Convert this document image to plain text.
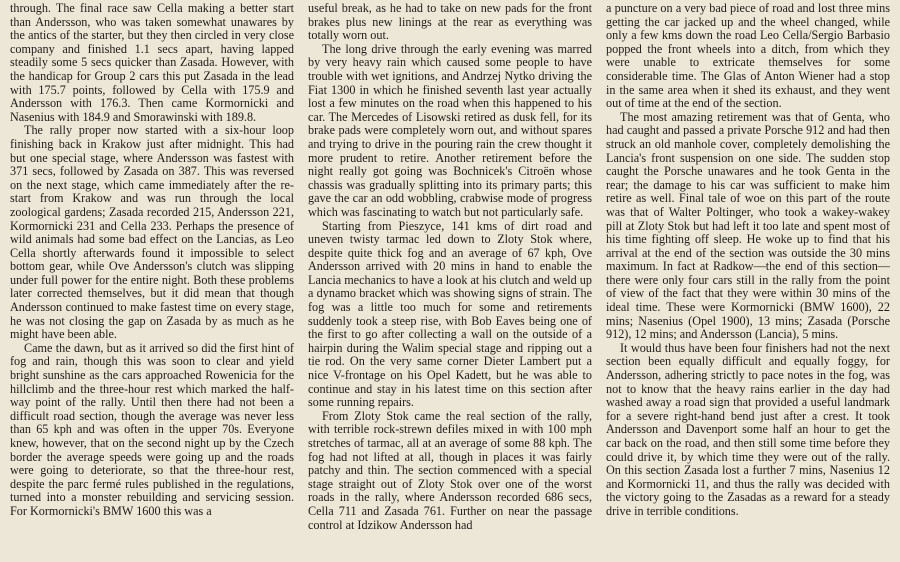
through. The final race saw Cella making a better start than Andersson, who was taken somewhat unawares by the antics of the starter, but they then circled in very close company and finished 1.1 secs apart, having lapped steadily some 5 secs quicker than Zasada. However, with the handicap for Group 2 cars this put Zasada in the lead with 175.7 points, followed by Cella with 175.9 and Andersson with 176.3. Then came Kormornicki and Nasenius with 184.9 and Smorawinski with 189.8.

The rally proper now started with a six-hour loop finishing back in Krakow just after midnight. This had but one special stage, where Andersson was fastest with 371 secs, followed by Zasada on 387. This was reversed on the next stage, which came immediately after the re-start from Krakow and was run through the local zoological gardens; Zasada recorded 215, Andersson 221, Kormornicki 231 and Cella 233. Perhaps the presence of wild animals had some bad effect on the Lancias, as Leo Cella shortly afterwards found it impossible to select bottom gear, while Ove Andersson's clutch was slipping under full power for the entire night. Both these problems later corrected themselves, but it did mean that though Andersson continued to make fastest time on every stage, he was not closing the gap on Zasada by as much as he might have been able.

Came the dawn, but as it arrived so did the first hint of fog and rain, though this was soon to clear and yield bright sunshine as the cars approached Rowenicia for the hillclimb and the three-hour rest which marked the half-way point of the rally. Until then there had not been a difficult road section, though the average was never less than 65 kph and was often in the upper 70s. Everyone knew, however, that on the second night up by the Czech border the average speeds were going up and the roads were going to deteriorate, so that the three-hour rest, despite the parc fermé rules published in the regulations, turned into a monster rebuilding and servicing session. For Kormornicki's BMW 1600 this was a

useful break, as he had to take on new pads for the front brakes plus new linings at the rear as everything was totally worn out.

The long drive through the early evening was marred by very heavy rain which caused some people to have trouble with wet ignitions, and Andrzej Nytko driving the Fiat 1300 in which he finished seventh last year actually lost a few minutes on the road when this happened to his car. The Mercedes of Lisowski retired as dusk fell, for its brake pads were completely worn out, and without spares and trying to drive in the pouring rain the crew thought it more prudent to retire. Another retirement before the night really got going was Bochnicek's Citroën whose chassis was gradually splitting into its primary parts; this gave the car an odd wobbling, crabwise mode of progress which was fascinating to watch but not particularly safe.

Starting from Pieszyce, 141 kms of dirt road and uneven twisty tarmac led down to Zloty Stok where, despite quite thick fog and an average of 67 kph, Ove Andersson arrived with 20 mins in hand to enable the Lancia mechanics to have a look at his clutch and weld up a dynamo bracket which was showing signs of strain. The fog was a little too much for some and retirements suddenly took a steep rise, with Bob Eaves being one of the first to go after collecting a wall on the outside of a hairpin during the Walim special stage and ripping out a tie rod. On the very same corner Dieter Lambert put a nice V-frontage on his Opel Kadett, but he was able to continue and stay in his latest time on this section after some running repairs.

From Zloty Stok came the real section of the rally, with terrible rock-strewn defiles mixed in with 100 mph stretches of tarmac, all at an average of some 88 kph. The fog had not lifted at all, though in places it was fairly patchy and thin. The section commenced with a special stage straight out of Zloty Stok over one of the worst roads in the rally, where Andersson recorded 686 secs, Cella 711 and Zasada 761. Further on near the passage control at Idzikow Andersson had

a puncture on a very bad piece of road and lost three mins getting the car jacked up and the wheel changed, while only a few kms down the road Leo Cella/Sergio Barbasio popped the front wheels into a ditch, from which they were unable to extricate themselves for some considerable time. The Glas of Anton Wiener had a stop in the same area when it shed its exhaust, and they went out of time at the end of the section.

The most amazing retirement was that of Genta, who had caught and passed a private Porsche 912 and had then struck an old manhole cover, completely demolishing the Lancia's front suspension on one side. The sudden stop caught the Porsche unawares and he took Genta in the rear; the damage to his car was sufficient to make him retire as well. Final tale of woe on this part of the route was that of Walter Poltinger, who took a wakey-wakey pill at Zloty Stok but had left it too late and spent most of his time fighting off sleep. He woke up to find that his arrival at the end of the section was outside the 30 mins maximum. In fact at Radkow—the end of this section—there were only four cars still in the rally from the point of view of the fact that they were within 30 mins of the ideal time. These were Kormornicki (BMW 1600), 22 mins; Nasenius (Opel 1900), 13 mins; Zasada (Porsche 912), 12 mins; and Andersson (Lancia), 5 mins.

It would thus have been four finishers had not the next section been equally difficult and equally foggy, for Andersson, adhering strictly to pace notes in the fog, was not to know that the heavy rains earlier in the day had washed away a road sign that provided a useful landmark for a severe right-hand bend just after a crest. It took Andersson and Davenport some half an hour to get the car back on the road, and then still some time before they could drive it, by which time they were out of the rally. On this section Zasada lost a further 7 mins, Nasenius 12 and Kormornicki 11, and thus the rally was decided with the victory going to the Zasadas as a reward for a steady drive in terrible conditions.
